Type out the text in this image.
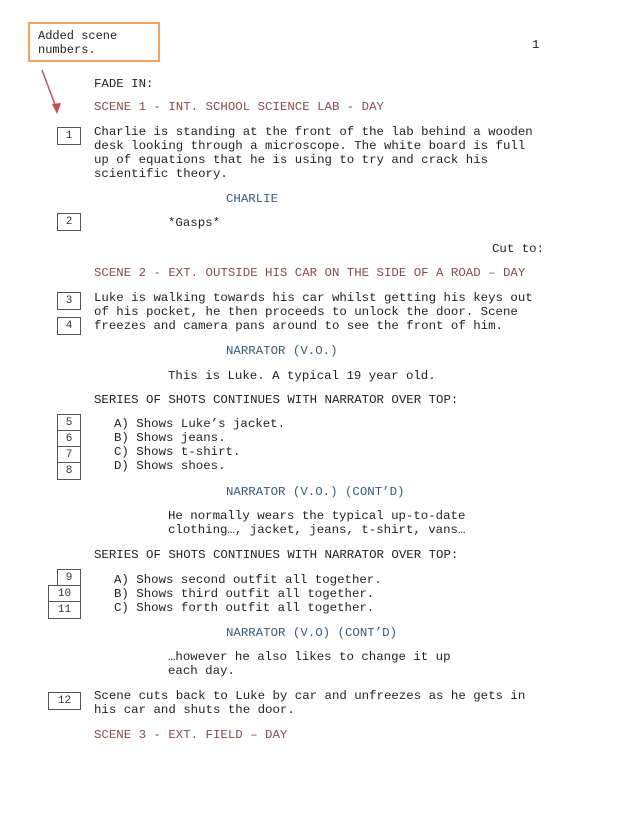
Added scene
numbers.	1
FADE IN:
SCENE 1 - INT. SCHOOL SCIENCE LAB - DAY
1	Charlie is standing at the front of the lab behind a wooden
desk looking through a microscope. The white board is full
up of equations that he is using to try and crack his
scientific theory.
CHARLIE
2	*Gasps*
Cut to:
SCENE 2 - EXT. OUTSIDE HIS CAR ON THE SIDE OF A ROAD – DAY
3
4
Luke is walking towards his car whilst getting his keys out
of his pocket, he then proceeds to unlock the door. Scene
freezes and camera pans around to see the front of him.
NARRATOR (V.O.)
This is Luke. A typical 19 year old.
SERIES OF SHOTS CONTINUES WITH NARRATOR OVER TOP:
5
6
7
8
A) Shows Luke’s jacket.
B) Shows jeans.
C) Shows t-shirt.
D) Shows shoes.
NARRATOR (V.O.) (CONT’D)
He normally wears the typical up-to-date
clothing…, jacket, jeans, t-shirt, vans…
SERIES OF SHOTS CONTINUES WITH NARRATOR OVER TOP:
9
10
11
A) Shows second outfit all together.
B) Shows third outfit all together.
C) Shows forth outfit all together.
NARRATOR (V.O) (CONT’D)
…however he also likes to change it up
each day.
12	Scene cuts back to Luke by car and unfreezes as he gets in
his car and shuts the door.
SCENE 3 - EXT. FIELD – DAY
